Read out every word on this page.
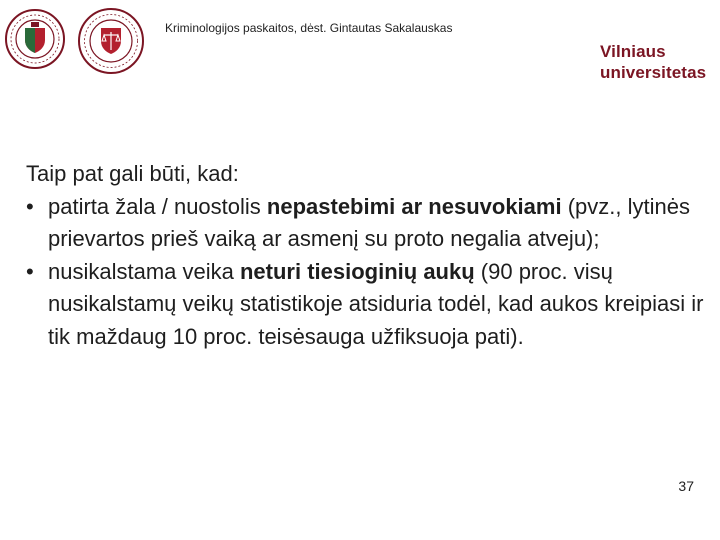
Kriminologijos paskaitos, dėst. Gintautas Sakalauskas
Vilniaus
universitetas

Taip pat gali būti, kad:

• patirta žala / nuostolis nepastebimi ar nesuvokiami (pvz., lytinės prievartos prieš vaiką ar asmenį su proto negalia atveju);
• nusikalstama veika neturi tiesioginių aukų (90 proc. visų nusikalstamų veikų statistikoje atsiduria todėl, kad aukos kreipiasi ir tik maždaug 10 proc. teisėsauga užfiksuoja pati).
37
